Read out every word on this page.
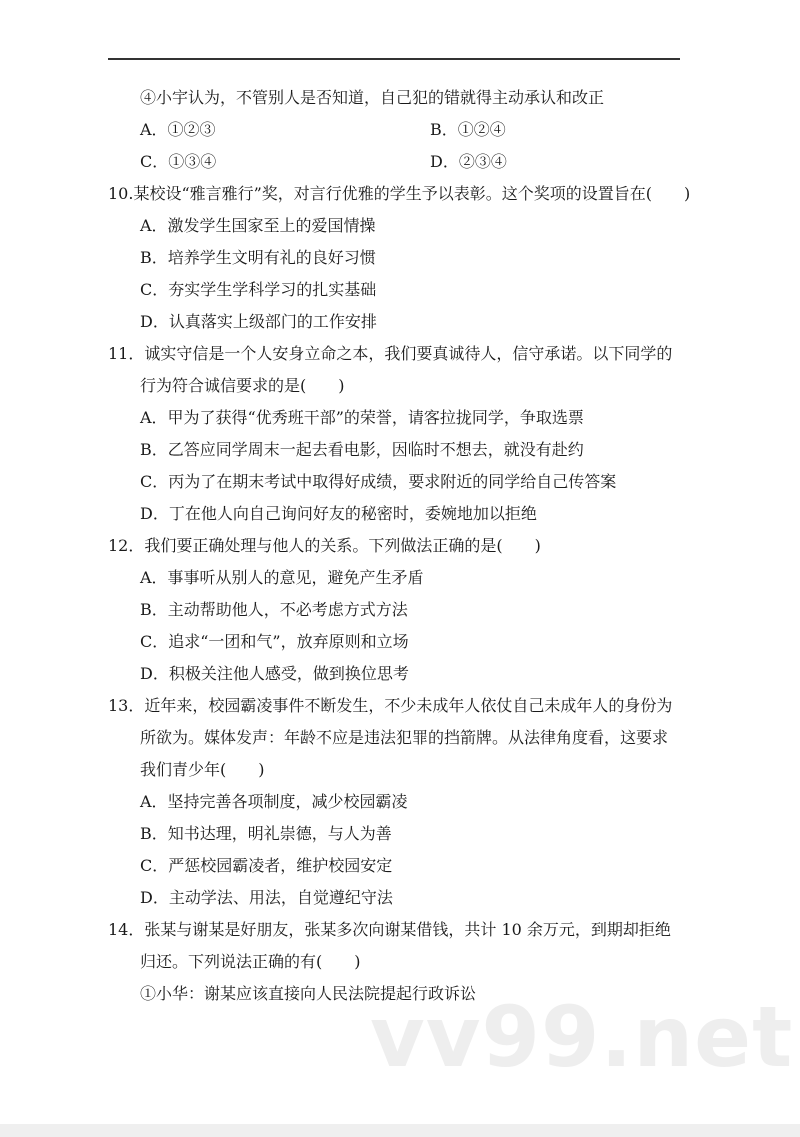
④小宇认为，不管别人是否知道，自己犯的错就得主动承认和改正
A．①②③	B．①②④
C．①③④	D．②③④
10.某校设“雅言雅行”奖，对言行优雅的学生予以表彰。这个奖项的设置旨在(　　)
A．激发学生国家至上的爱国情操
B．培养学生文明有礼的良好习惯
C．夯实学生学科学习的扎实基础
D．认真落实上级部门的工作安排
11．诚实守信是一个人安身立命之本，我们要真诚待人，信守承诺。以下同学的
行为符合诚信要求的是(　　)
A．甲为了获得“优秀班干部”的荣誉，请客拉拢同学，争取选票
B．乙答应同学周末一起去看电影，因临时不想去，就没有赴约
C．丙为了在期末考试中取得好成绩，要求附近的同学给自己传答案
D．丁在他人向自己询问好友的秘密时，委婉地加以拒绝
12．我们要正确处理与他人的关系。下列做法正确的是(　　)
A．事事听从别人的意见，避免产生矛盾
B．主动帮助他人，不必考虑方式方法
C．追求“一团和气”，放弃原则和立场
D．积极关注他人感受，做到换位思考
13．近年来，校园霸凌事件不断发生，不少未成年人依仗自己未成年人的身份为
所欲为。媒体发声：年龄不应是违法犯罪的挡箭牌。从法律角度看，这要求
我们青少年(　　)
A．坚持完善各项制度，减少校园霸凌
B．知书达理，明礼崇德，与人为善
C．严惩校园霸凌者，维护校园安定
D．主动学法、用法，自觉遵纪守法
14．张某与谢某是好朋友，张某多次向谢某借钱，共计 10 余万元，到期却拒绝
归还。下列说法正确的有(　　)
①小华：谢某应该直接向人民法院提起行政诉讼
vv99.net
